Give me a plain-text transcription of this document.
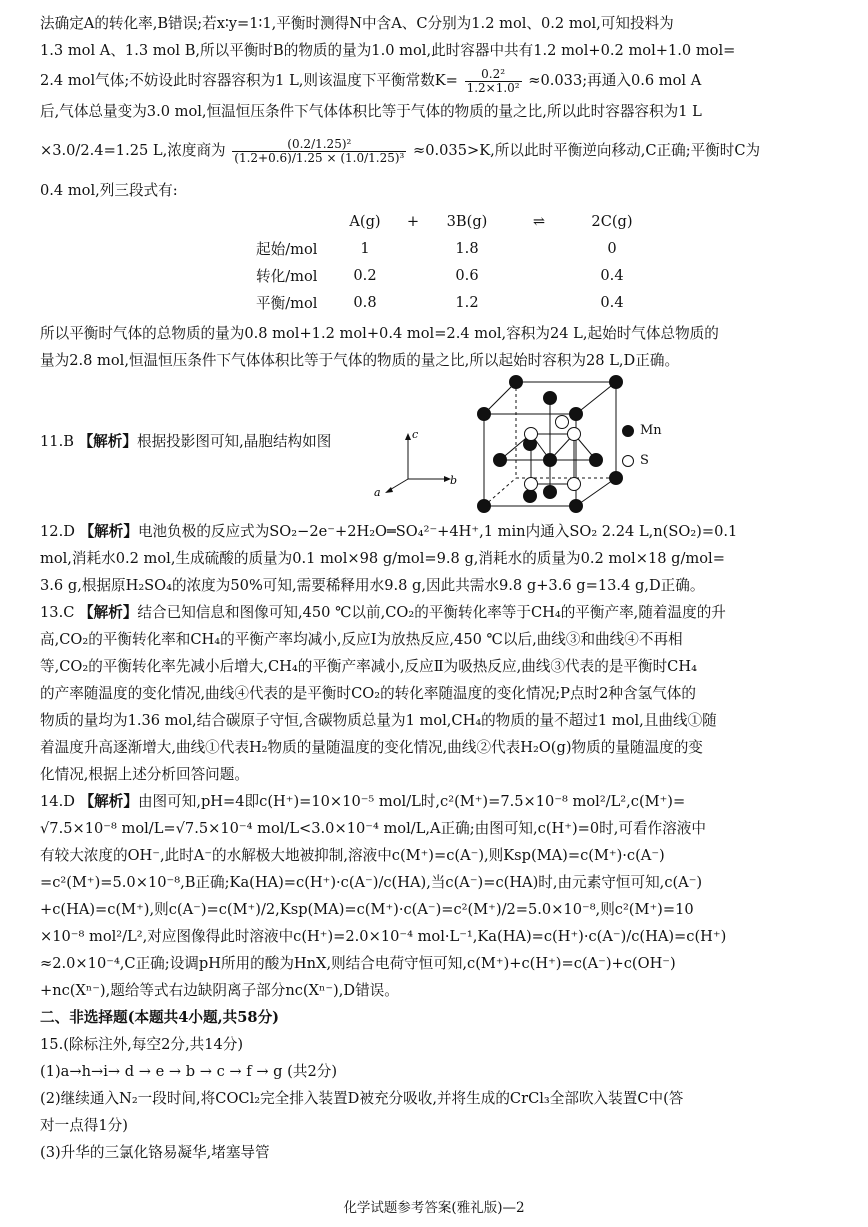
法确定A的转化率,B错误;若x∶y=1∶1,平衡时测得N中含A、C分别为1.2 mol、0.2 mol,可知投料为
1.3 mol A、1.3 mol B,所以平衡时B的物质的量为1.0 mol,此时容器中共有1.2 mol+0.2 mol+1.0 mol=
2.4 mol气体;不妨设此时容器容积为1 L,则该温度下平衡常数$K= \frac{\text{0.2²}}{\text{1.2×1.0²}} \approx 0.033$;再通入0.6 mol A
后,气体总量变为3.0 mol,恒温恒压条件下气体体积比等于气体的物质的量之比,所以此时容器容积为1 L
×3.0/2.4=1.25 L,浓度商为 $\frac{\text{(0.2/1.25)²}}{\text{(1.2+0.6)/1.25 × (1.0/1.25)³}} \approx 0.035>K$,所以此时平衡逆向移动,C正确;平衡时C为
0.4 mol,列三段式有:
	A(g)	+	3B(g)	⇌	2C(g)
起始/mol	1		1.8		0
转化/mol	0.2		0.6		0.4
平衡/mol	0.8		1.2		0.4
所以平衡时气体的总物质的量为0.8 mol+1.2 mol+0.4 mol=2.4 mol,容积为24 L,起始时气体总物质的
量为2.8 mol,恒温恒压条件下气体体积比等于气体的物质的量之比,所以起始时容积为28 L,D正确。
11.B 【解析】根据投影图可知,晶胞结构如图	c
b
a
Mn
S
12.D 【解析】电池负极的反应式为SO₂−2e⁻+2H₂O═SO₄²⁻+4H⁺,1 min内通入SO₂ 2.24 L,n(SO₂)=0.1
mol,消耗水0.2 mol,生成硫酸的质量为0.1 mol×98 g/mol=9.8 g,消耗水的质量为0.2 mol×18 g/mol=
3.6 g,根据原H₂SO₄的浓度为50%可知,需要稀释用水9.8 g,因此共需水9.8 g+3.6 g=13.4 g,D正确。
13.C 【解析】结合已知信息和图像可知,450 ℃以前,CO₂的平衡转化率等于CH₄的平衡产率,随着温度的升
高,CO₂的平衡转化率和CH₄的平衡产率均减小,反应Ⅰ为放热反应,450 ℃以后,曲线③和曲线④不再相
等,CO₂的平衡转化率先减小后增大,CH₄的平衡产率减小,反应Ⅱ为吸热反应,曲线③代表的是平衡时CH₄
的产率随温度的变化情况,曲线④代表的是平衡时CO₂的转化率随温度的变化情况;P点时2种含氢气体的
物质的量均为1.36 mol,结合碳原子守恒,含碳物质总量为1 mol,CH₄的物质的量不超过1 mol,且曲线①随
着温度升高逐渐增大,曲线①代表H₂物质的量随温度的变化情况,曲线②代表H₂O(g)物质的量随温度的变
化情况,根据上述分析回答问题。
14.D 【解析】由图可知,pH=4即c(H⁺)=10×10⁻⁵ mol/L时,c²(M⁺)=7.5×10⁻⁸ mol²/L²,c(M⁺)=
√7.5×10⁻⁸ mol/L=√7.5×10⁻⁴ mol/L<3.0×10⁻⁴ mol/L,A正确;由图可知,c(H⁺)=0时,可看作溶液中
有较大浓度的OH⁻,此时A⁻的水解极大地被抑制,溶液中c(M⁺)=c(A⁻),则Ksp(MA)=c(M⁺)·c(A⁻)
=c²(M⁺)=5.0×10⁻⁸,B正确;Ka(HA)=c(H⁺)·c(A⁻)/c(HA),当c(A⁻)=c(HA)时,由元素守恒可知,c(A⁻)
+c(HA)=c(M⁺),则c(A⁻)=c(M⁺)/2,Ksp(MA)=c(M⁺)·c(A⁻)=c²(M⁺)/2=5.0×10⁻⁸,则c²(M⁺)=10
×10⁻⁸ mol²/L²,对应图像得此时溶液中c(H⁺)=2.0×10⁻⁴ mol·L⁻¹,Ka(HA)=c(H⁺)·c(A⁻)/c(HA)=c(H⁺)
≈2.0×10⁻⁴,C正确;设调pH所用的酸为HnX,则结合电荷守恒可知,c(M⁺)+c(H⁺)=c(A⁻)+c(OH⁻)
+nc(Xⁿ⁻),题给等式右边缺阴离子部分nc(Xⁿ⁻),D错误。
二、非选择题(本题共4小题,共58分)
15.(除标注外,每空2分,共14分)
(1)a→h→i→ d → e → b → c → f → g (共2分)
(2)继续通入N₂一段时间,将COCl₂完全排入装置D被充分吸收,并将生成的CrCl₃全部吹入装置C中(答
对一点得1分)
(3)升华的三氯化铬易凝华,堵塞导管
化学试题参考答案(雅礼版)—2
